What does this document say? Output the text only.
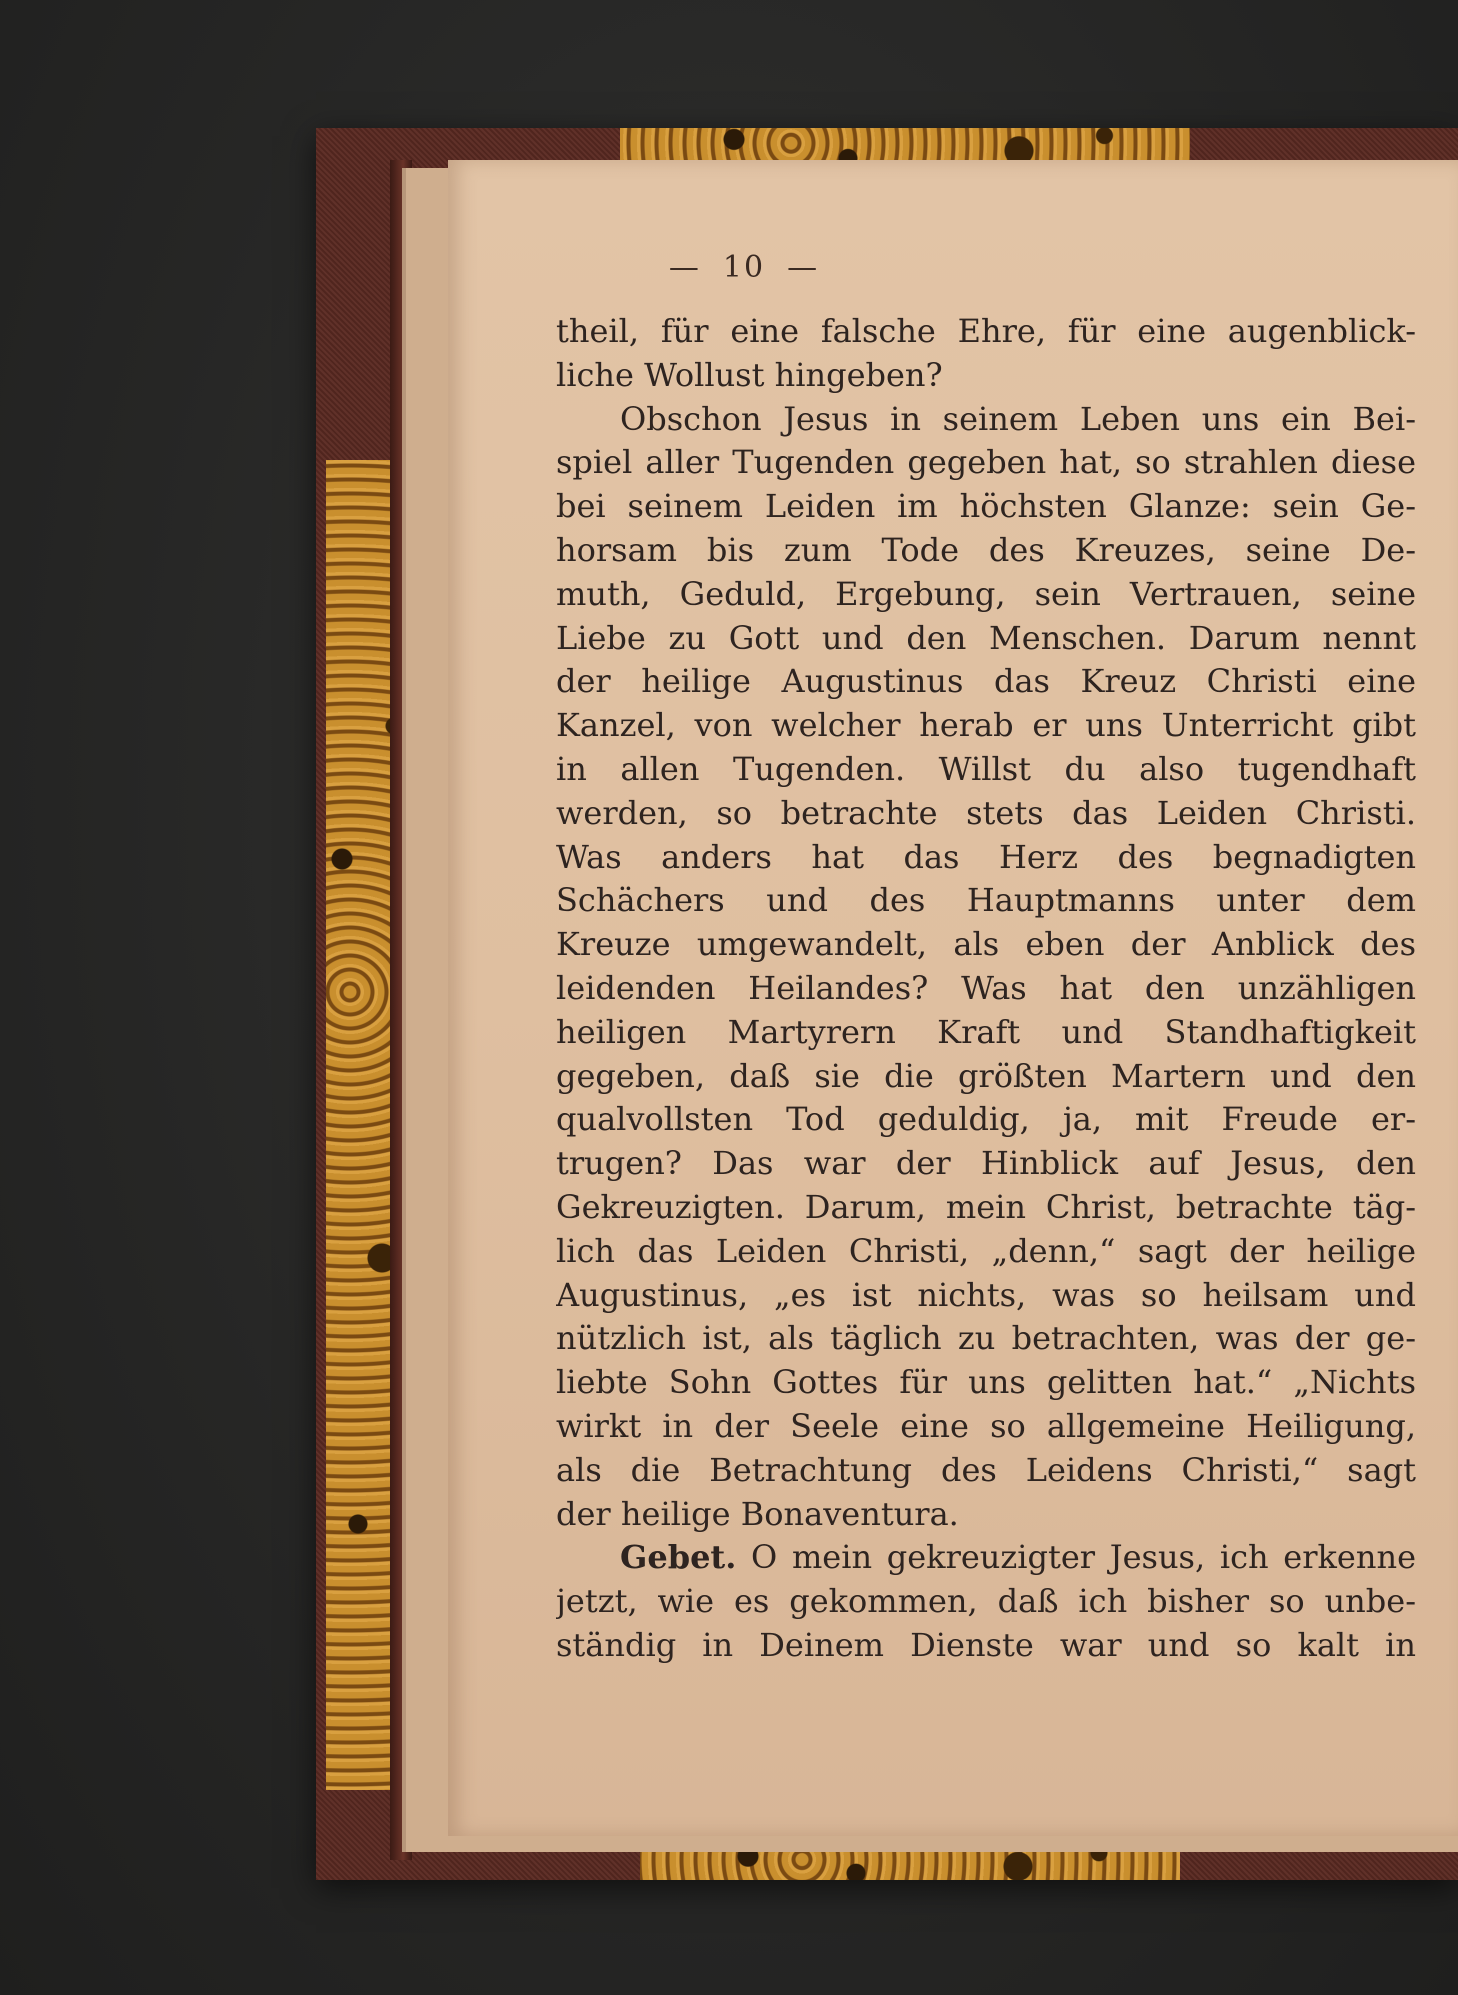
— 10 —
theil, für eine falsche Ehre, für eine augenblick-
liche Wollust hingeben?
Obschon Jesus in seinem Leben uns ein Bei-
spiel aller Tugenden gegeben hat, so strahlen diese
bei seinem Leiden im höchsten Glanze: sein Ge-
horsam bis zum Tode des Kreuzes, seine De-
muth, Geduld, Ergebung, sein Vertrauen, seine
Liebe zu Gott und den Menschen. Darum nennt
der heilige Augustinus das Kreuz Christi eine
Kanzel, von welcher herab er uns Unterricht gibt
in allen Tugenden. Willst du also tugendhaft
werden, so betrachte stets das Leiden Christi.
Was anders hat das Herz des begnadigten
Schächers und des Hauptmanns unter dem
Kreuze umgewandelt, als eben der Anblick des
leidenden Heilandes? Was hat den unzähligen
heiligen Martyrern Kraft und Standhaftigkeit
gegeben, daß sie die größten Martern und den
qualvollsten Tod geduldig, ja, mit Freude er-
trugen? Das war der Hinblick auf Jesus, den
Gekreuzigten. Darum, mein Christ, betrachte täg-
lich das Leiden Christi, „denn,“ sagt der heilige
Augustinus, „es ist nichts, was so heilsam und
nützlich ist, als täglich zu betrachten, was der ge-
liebte Sohn Gottes für uns gelitten hat.“ „Nichts
wirkt in der Seele eine so allgemeine Heiligung,
als die Betrachtung des Leidens Christi,“ sagt
der heilige Bonaventura.
Gebet. O mein gekreuzigter Jesus, ich erkenne
jetzt, wie es gekommen, daß ich bisher so unbe-
ständig in Deinem Dienste war und so kalt in
